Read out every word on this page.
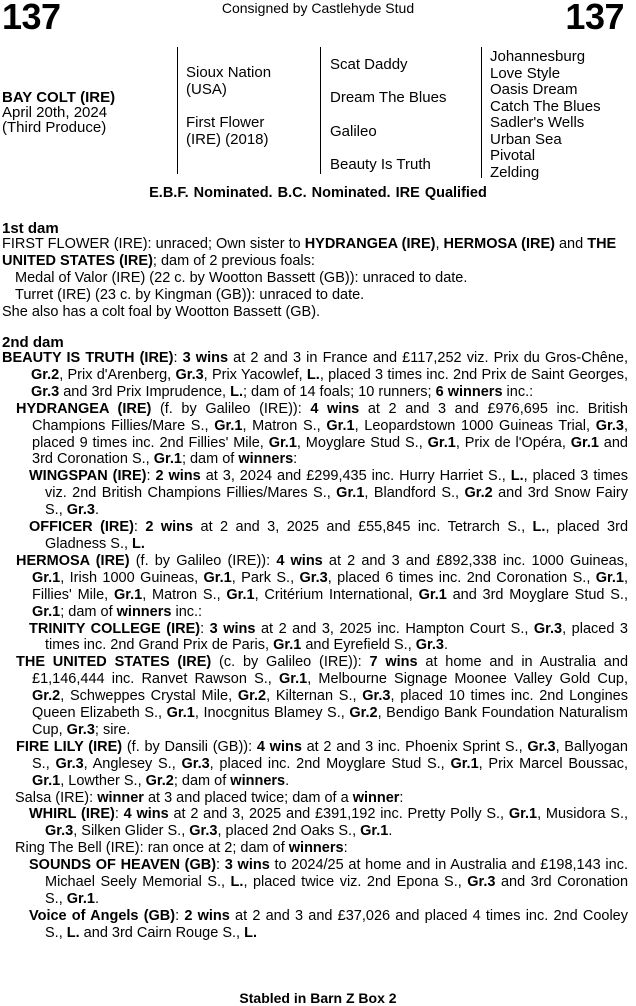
137	Consigned by Castlehyde Stud	137
BAY COLT (IRE)
April 20th, 2024
(Third Produce)
Sioux Nation (USA)
First Flower (IRE) (2018)
Scat Daddy
Dream The Blues
Galileo
Beauty Is Truth
Johannesburg
Love Style
Oasis Dream
Catch The Blues
Sadler's Wells
Urban Sea
Pivotal
Zelding
E.B.F. Nominated. B.C. Nominated. IRE Qualified
1st dam
FIRST FLOWER (IRE): unraced; Own sister to HYDRANGEA (IRE), HERMOSA (IRE) and THE UNITED STATES (IRE); dam of 2 previous foals:
Medal of Valor (IRE) (22 c. by Wootton Bassett (GB)): unraced to date.
Turret (IRE) (23 c. by Kingman (GB)): unraced to date.
She also has a colt foal by Wootton Bassett (GB).
2nd dam
BEAUTY IS TRUTH (IRE): 3 wins at 2 and 3 in France and £117,252 viz. Prix du Gros-Chêne, Gr.2, Prix d'Arenberg, Gr.3, Prix Yacowlef, L., placed 3 times inc. 2nd Prix de Saint Georges, Gr.3 and 3rd Prix Imprudence, L.; dam of 14 foals; 10 runners; 6 winners inc.:
HYDRANGEA (IRE) (f. by Galileo (IRE)): 4 wins at 2 and 3 and £976,695 inc. British Champions Fillies/Mare S., Gr.1, Matron S., Gr.1, Leopardstown 1000 Guineas Trial, Gr.3, placed 9 times inc. 2nd Fillies' Mile, Gr.1, Moyglare Stud S., Gr.1, Prix de l'Opéra, Gr.1 and 3rd Coronation S., Gr.1; dam of winners:
WINGSPAN (IRE): 2 wins at 3, 2024 and £299,435 inc. Hurry Harriet S., L., placed 3 times viz. 2nd British Champions Fillies/Mares S., Gr.1, Blandford S., Gr.2 and 3rd Snow Fairy S., Gr.3.
OFFICER (IRE): 2 wins at 2 and 3, 2025 and £55,845 inc. Tetrarch S., L., placed 3rd Gladness S., L.
HERMOSA (IRE) (f. by Galileo (IRE)): 4 wins at 2 and 3 and £892,338 inc. 1000 Guineas, Gr.1, Irish 1000 Guineas, Gr.1, Park S., Gr.3, placed 6 times inc. 2nd Coronation S., Gr.1, Fillies' Mile, Gr.1, Matron S., Gr.1, Critérium International, Gr.1 and 3rd Moyglare Stud S., Gr.1; dam of winners inc.:
TRINITY COLLEGE (IRE): 3 wins at 2 and 3, 2025 inc. Hampton Court S., Gr.3, placed 3 times inc. 2nd Grand Prix de Paris, Gr.1 and Eyrefield S., Gr.3.
THE UNITED STATES (IRE) (c. by Galileo (IRE)): 7 wins at home and in Australia and £1,146,444 inc. Ranvet Rawson S., Gr.1, Melbourne Signage Moonee Valley Gold Cup, Gr.2, Schweppes Crystal Mile, Gr.2, Kilternan S., Gr.3, placed 10 times inc. 2nd Longines Queen Elizabeth S., Gr.1, Inocgnitus Blamey S., Gr.2, Bendigo Bank Foundation Naturalism Cup, Gr.3; sire.
FIRE LILY (IRE) (f. by Dansili (GB)): 4 wins at 2 and 3 inc. Phoenix Sprint S., Gr.3, Ballyogan S., Gr.3, Anglesey S., Gr.3, placed inc. 2nd Moyglare Stud S., Gr.1, Prix Marcel Boussac, Gr.1, Lowther S., Gr.2; dam of winners.
Salsa (IRE): winner at 3 and placed twice; dam of a winner:
WHIRL (IRE): 4 wins at 2 and 3, 2025 and £391,192 inc. Pretty Polly S., Gr.1, Musidora S., Gr.3, Silken Glider S., Gr.3, placed 2nd Oaks S., Gr.1.
Ring The Bell (IRE): ran once at 2; dam of winners:
SOUNDS OF HEAVEN (GB): 3 wins to 2024/25 at home and in Australia and £198,143 inc. Michael Seely Memorial S., L., placed twice viz. 2nd Epona S., Gr.3 and 3rd Coronation S., Gr.1.
Voice of Angels (GB): 2 wins at 2 and 3 and £37,026 and placed 4 times inc. 2nd Cooley S., L. and 3rd Cairn Rouge S., L.
Stabled in Barn Z Box 2
